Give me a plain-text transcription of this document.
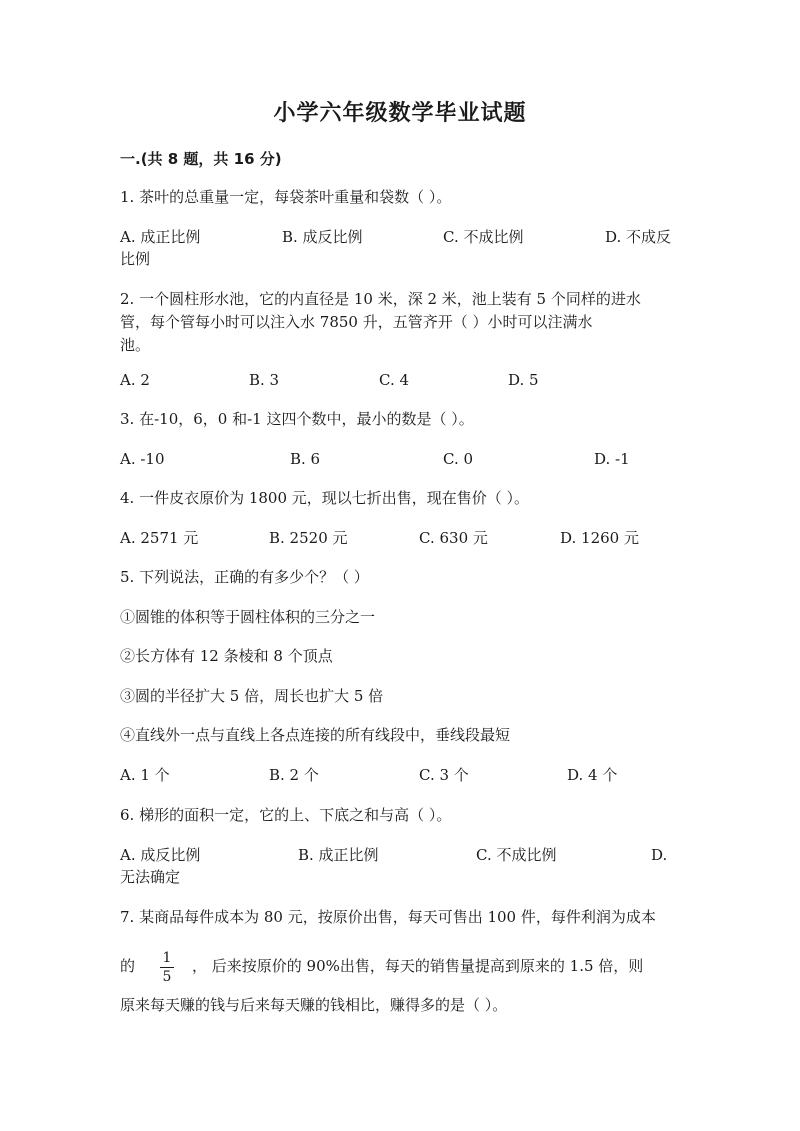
小学六年级数学毕业试题
一.(共 8 题，共 16 分)
1. 茶叶的总重量一定，每袋茶叶重量和袋数（ ）。
A. 成正比例	B. 成反比例	C. 不成比例	D. 不成反
比例
2. 一个圆柱形水池，它的内直径是 10 米，深 2 米，池上装有 5 个同样的进水
管，每个管每小时可以注入水 7850 升，五管齐开（ ）小时可以注满水
池。
A. 2	B. 3	C. 4	D. 5
3. 在-10，6，0 和-1 这四个数中，最小的数是（ ）。
A. -10	B. 6	C. 0	D. -1
4. 一件皮衣原价为 1800 元，现以七折出售，现在售价（ ）。
A. 2571 元	B. 2520 元	C. 630 元	D. 1260 元
5. 下列说法，正确的有多少个？（ ）
①圆锥的体积等于圆柱体积的三分之一
②长方体有 12 条棱和 8 个顶点
③圆的半径扩大 5 倍，周长也扩大 5 倍
④直线外一点与直线上各点连接的所有线段中，垂线段最短
A. 1 个	B. 2 个	C. 3 个	D. 4 个
6. 梯形的面积一定，它的上、下底之和与高（ ）。
A. 成反比例	B. 成正比例	C. 不成比例	D.
无法确定
7. 某商品每件成本为 80 元，按原价出售，每天可售出 100 件，每件利润为成本
的 $\frac{1}{5}$ ， 后来按原价的 90%出售，每天的销售量提高到原来的 1.5 倍，则
原来每天赚的钱与后来每天赚的钱相比，赚得多的是（ ）。
